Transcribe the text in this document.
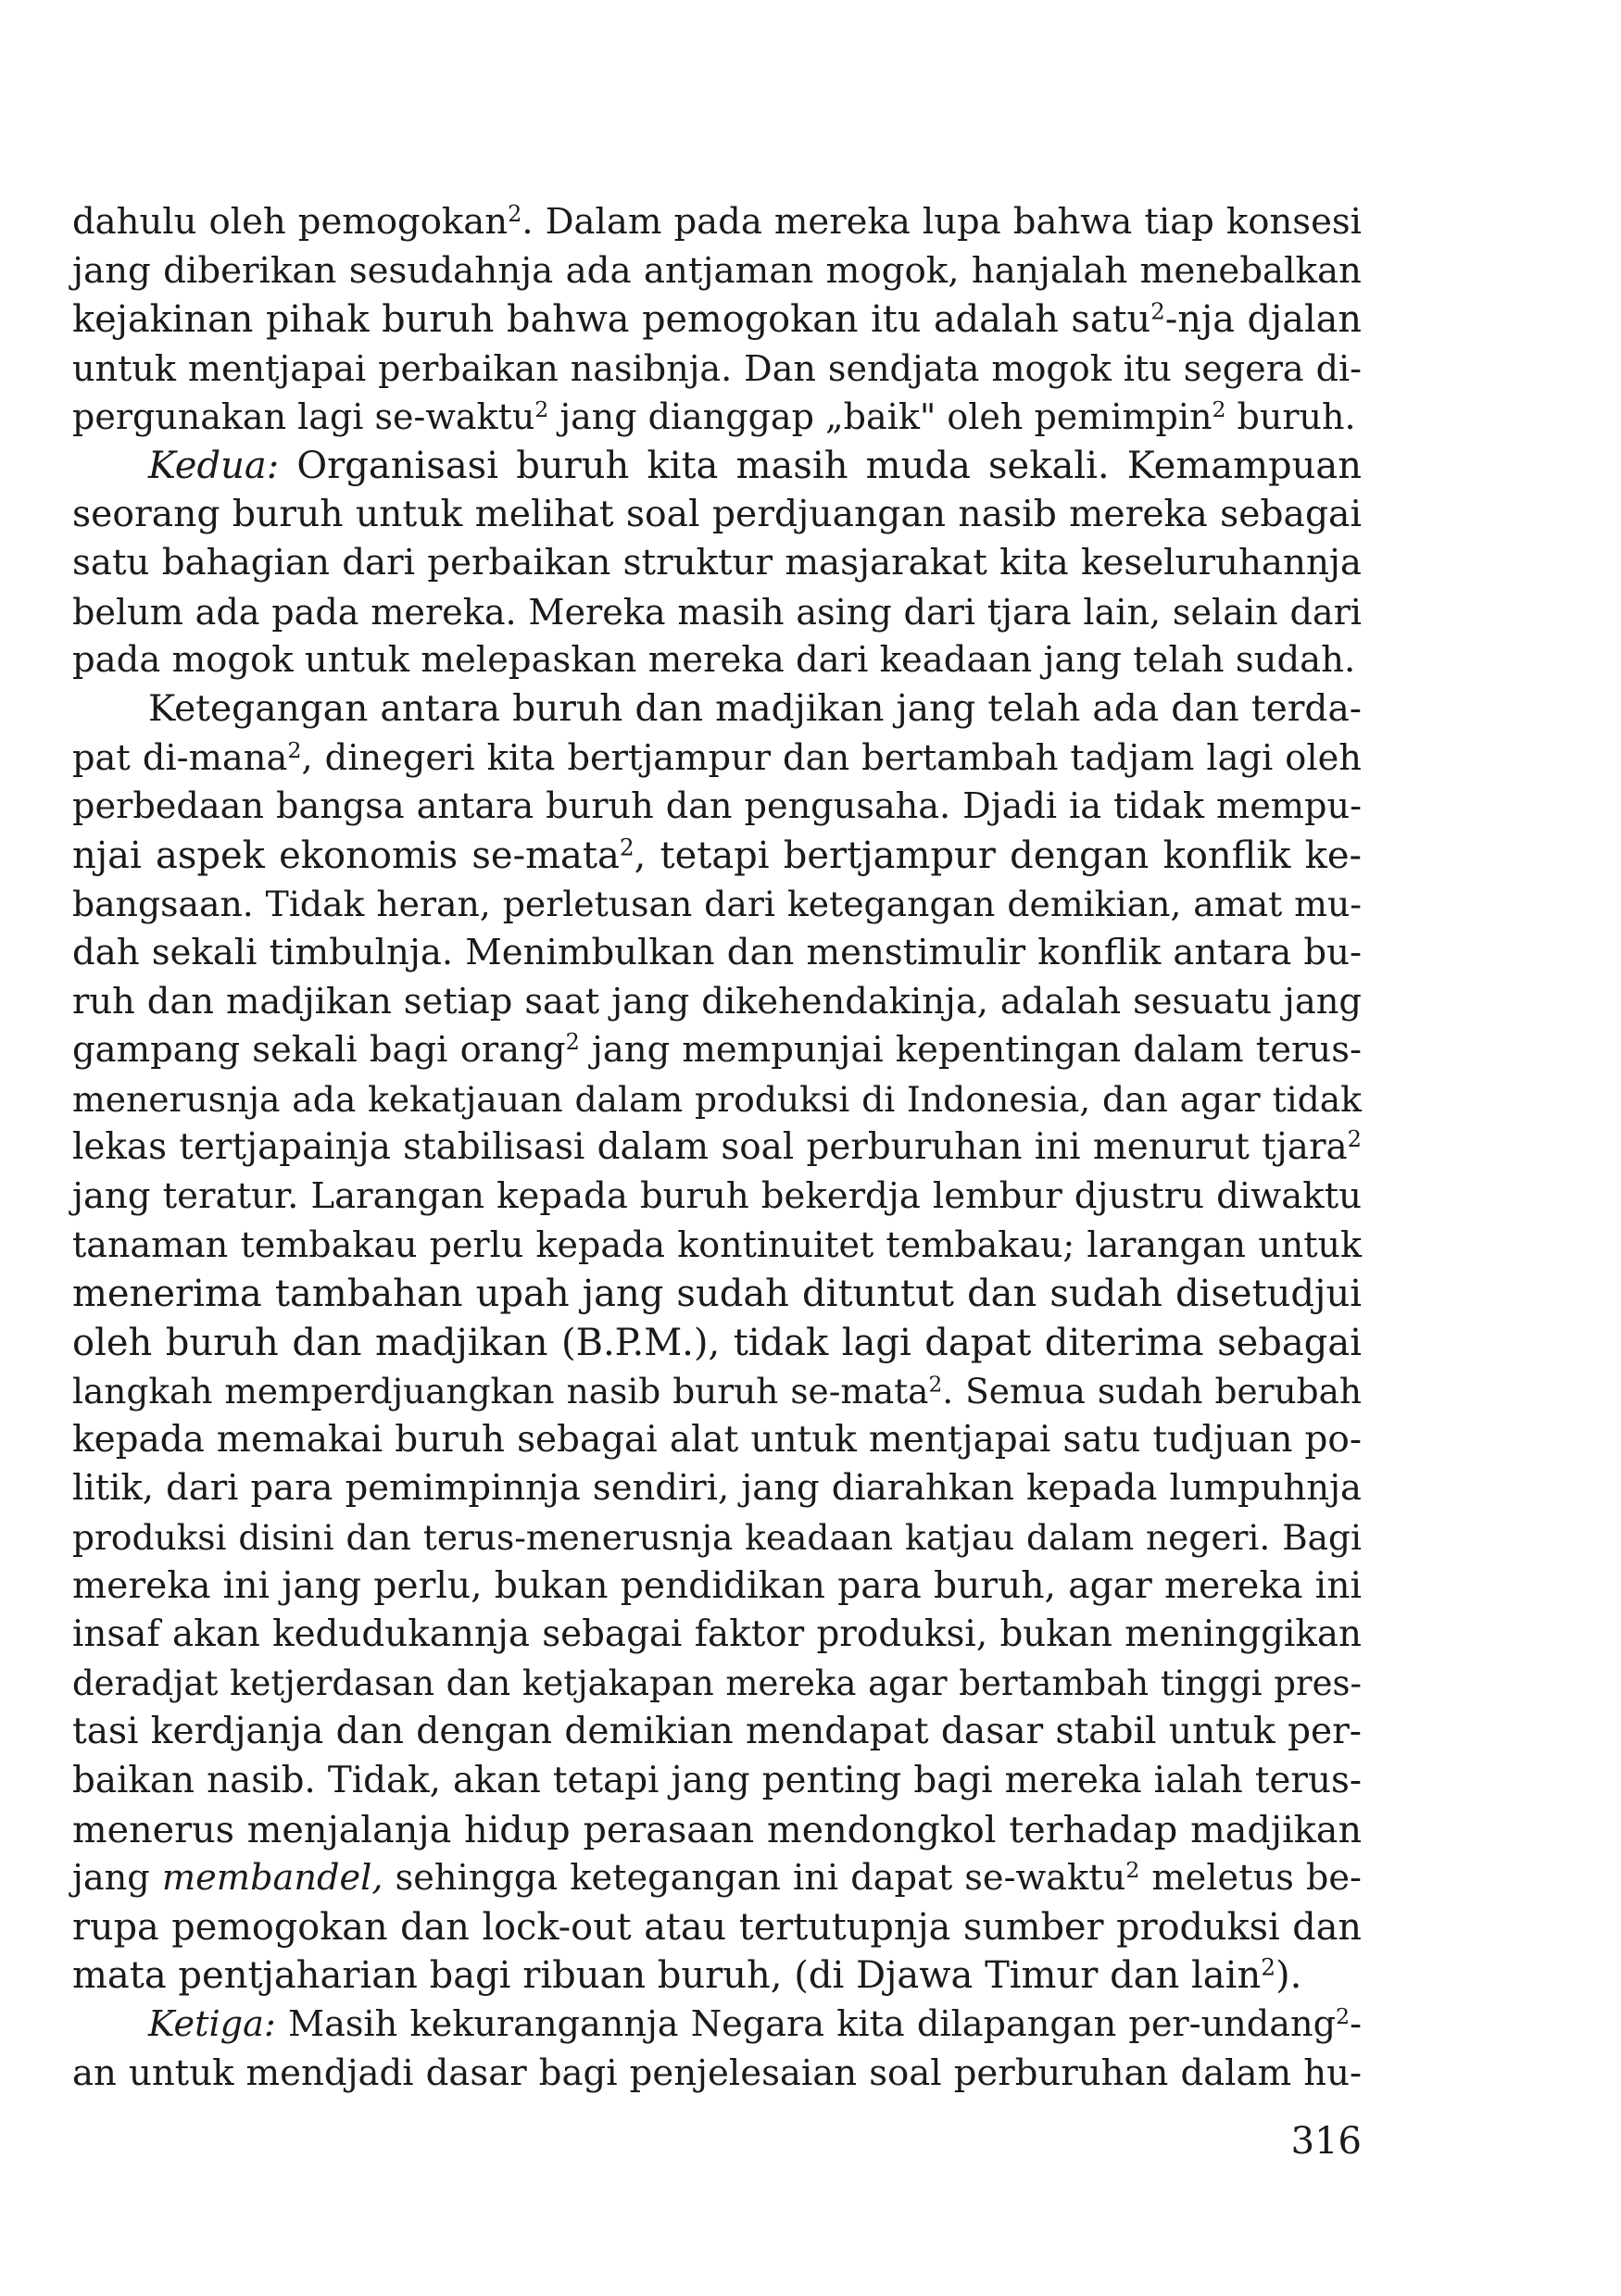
dahulu oleh pemogokan$^2$. Dalam pada mereka lupa bahwa tiap konsesi
jang diberikan sesudahnja ada antjaman mogok, hanjalah menebalkan
kejakinan pihak buruh bahwa pemogokan itu adalah satu$^2$-nja djalan
untuk mentjapai perbaikan nasibnja. Dan sendjata mogok itu segera di-
pergunakan lagi se-waktu$^2$ jang dianggap „baik" oleh pemimpin$^2$ buruh.
Kedua: Organisasi buruh kita masih muda sekali. Kemampuan
seorang buruh untuk melihat soal perdjuangan nasib mereka sebagai
satu bahagian dari perbaikan struktur masjarakat kita keseluruhannja
belum ada pada mereka. Mereka masih asing dari tjara lain, selain dari
pada mogok untuk melepaskan mereka dari keadaan jang telah sudah.
Ketegangan antara buruh dan madjikan jang telah ada dan terda-
pat di-mana$^2$, dinegeri kita bertjampur dan bertambah tadjam lagi oleh
perbedaan bangsa antara buruh dan pengusaha. Djadi ia tidak mempu-
njai aspek ekonomis se-mata$^2$, tetapi bertjampur dengan konflik ke-
bangsaan. Tidak heran, perletusan dari ketegangan demikian, amat mu-
dah sekali timbulnja. Menimbulkan dan menstimulir konflik antara bu-
ruh dan madjikan setiap saat jang dikehendakinja, adalah sesuatu jang
gampang sekali bagi orang$^2$ jang mempunjai kepentingan dalam terus-
menerusnja ada kekatjauan dalam produksi di Indonesia, dan agar tidak
lekas tertjapainja stabilisasi dalam soal perburuhan ini menurut tjara$^2$
jang teratur. Larangan kepada buruh bekerdja lembur djustru diwaktu
tanaman tembakau perlu kepada kontinuitet tembakau; larangan untuk
menerima tambahan upah jang sudah dituntut dan sudah disetudjui
oleh buruh dan madjikan (B.P.M.), tidak lagi dapat diterima sebagai
langkah memperdjuangkan nasib buruh se-mata$^2$. Semua sudah berubah
kepada memakai buruh sebagai alat untuk mentjapai satu tudjuan po-
litik, dari para pemimpinnja sendiri, jang diarahkan kepada lumpuhnja
produksi disini dan terus-menerusnja keadaan katjau dalam negeri. Bagi
mereka ini jang perlu, bukan pendidikan para buruh, agar mereka ini
insaf akan kedudukannja sebagai faktor produksi, bukan meninggikan
deradjat ketjerdasan dan ketjakapan mereka agar bertambah tinggi pres-
tasi kerdjanja dan dengan demikian mendapat dasar stabil untuk per-
baikan nasib. Tidak, akan tetapi jang penting bagi mereka ialah terus-
menerus menjalanja hidup perasaan mendongkol terhadap madjikan
jang membandel, sehingga ketegangan ini dapat se-waktu$^2$ meletus be-
rupa pemogokan dan lock-out atau tertutupnja sumber produksi dan
mata pentjaharian bagi ribuan buruh, (di Djawa Timur dan lain$^2$).
Ketiga: Masih kekurangannja Negara kita dilapangan per-undang$^2$-
an untuk mendjadi dasar bagi penjelesaian soal perburuhan dalam hu-
316
